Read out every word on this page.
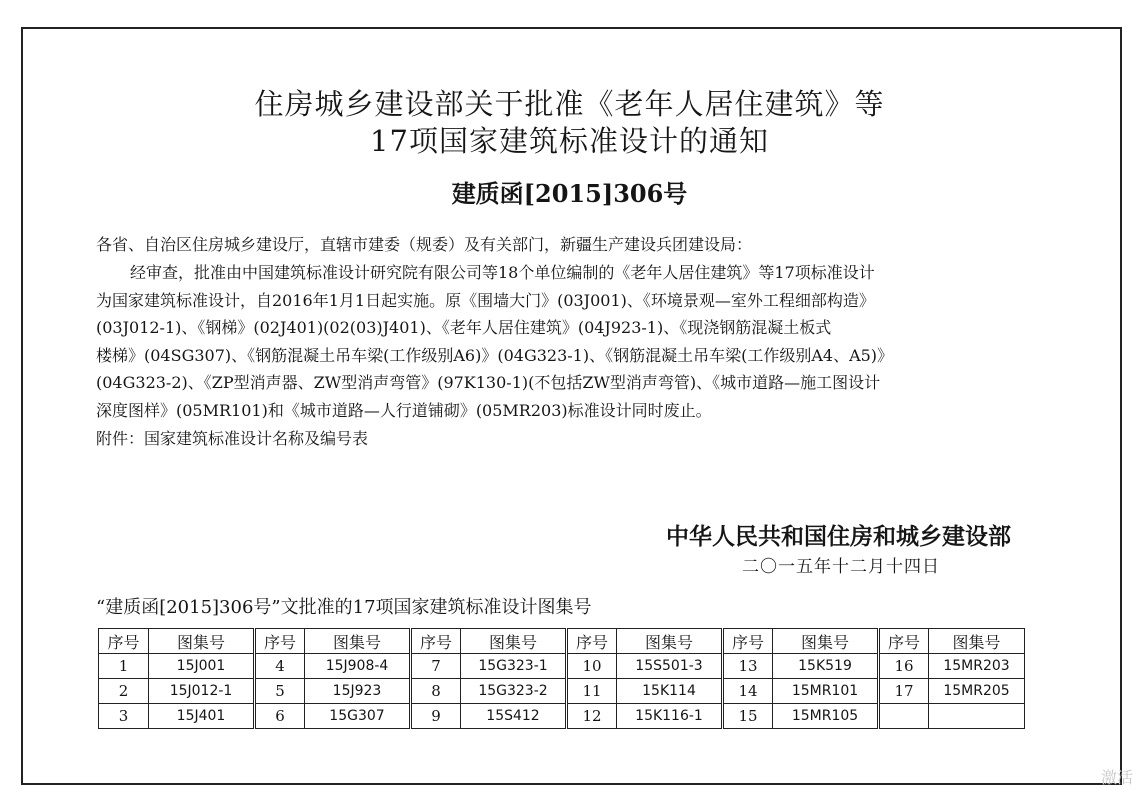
住房城乡建设部关于批准《老年人居住建筑》等
17项国家建筑标准设计的通知
建质函[2015]306号
各省、自治区住房城乡建设厅，直辖市建委（规委）及有关部门，新疆生产建设兵团建设局：
经审查，批准由中国建筑标准设计研究院有限公司等18个单位编制的《老年人居住建筑》等17项标准设计
为国家建筑标准设计，自2016年1月1日起实施。原《围墙大门》(03J001)、《环境景观—室外工程细部构造》
(03J012-1)、《钢梯》(02J401)(02(03)J401)、《老年人居住建筑》(04J923-1)、《现浇钢筋混凝土板式
楼梯》(04SG307)、《钢筋混凝土吊车梁(工作级别A6)》(04G323-1)、《钢筋混凝土吊车梁(工作级别A4、A5)》
(04G323-2)、《ZP型消声器、ZW型消声弯管》(97K130-1)(不包括ZW型消声弯管)、《城市道路—施工图设计
深度图样》(05MR101)和《城市道路—人行道铺砌》(05MR203)标准设计同时废止。
附件：国家建筑标准设计名称及编号表
中华人民共和国住房和城乡建设部
二〇一五年十二月十四日
“建质函[2015]306号”文批准的17项国家建筑标准设计图集号
序号	图集号	序号	图集号	序号	图集号	序号	图集号	序号	图集号	序号	图集号
1	15J001	4	15J908-4	7	15G323-1	10	15S501-3	13	15K519	16	15MR203
2	15J012-1	5	15J923	8	15G323-2	11	15K114	14	15MR101	17	15MR205
3	15J401	6	15G307	9	15S412	12	15K116-1	15	15MR105		
激活
